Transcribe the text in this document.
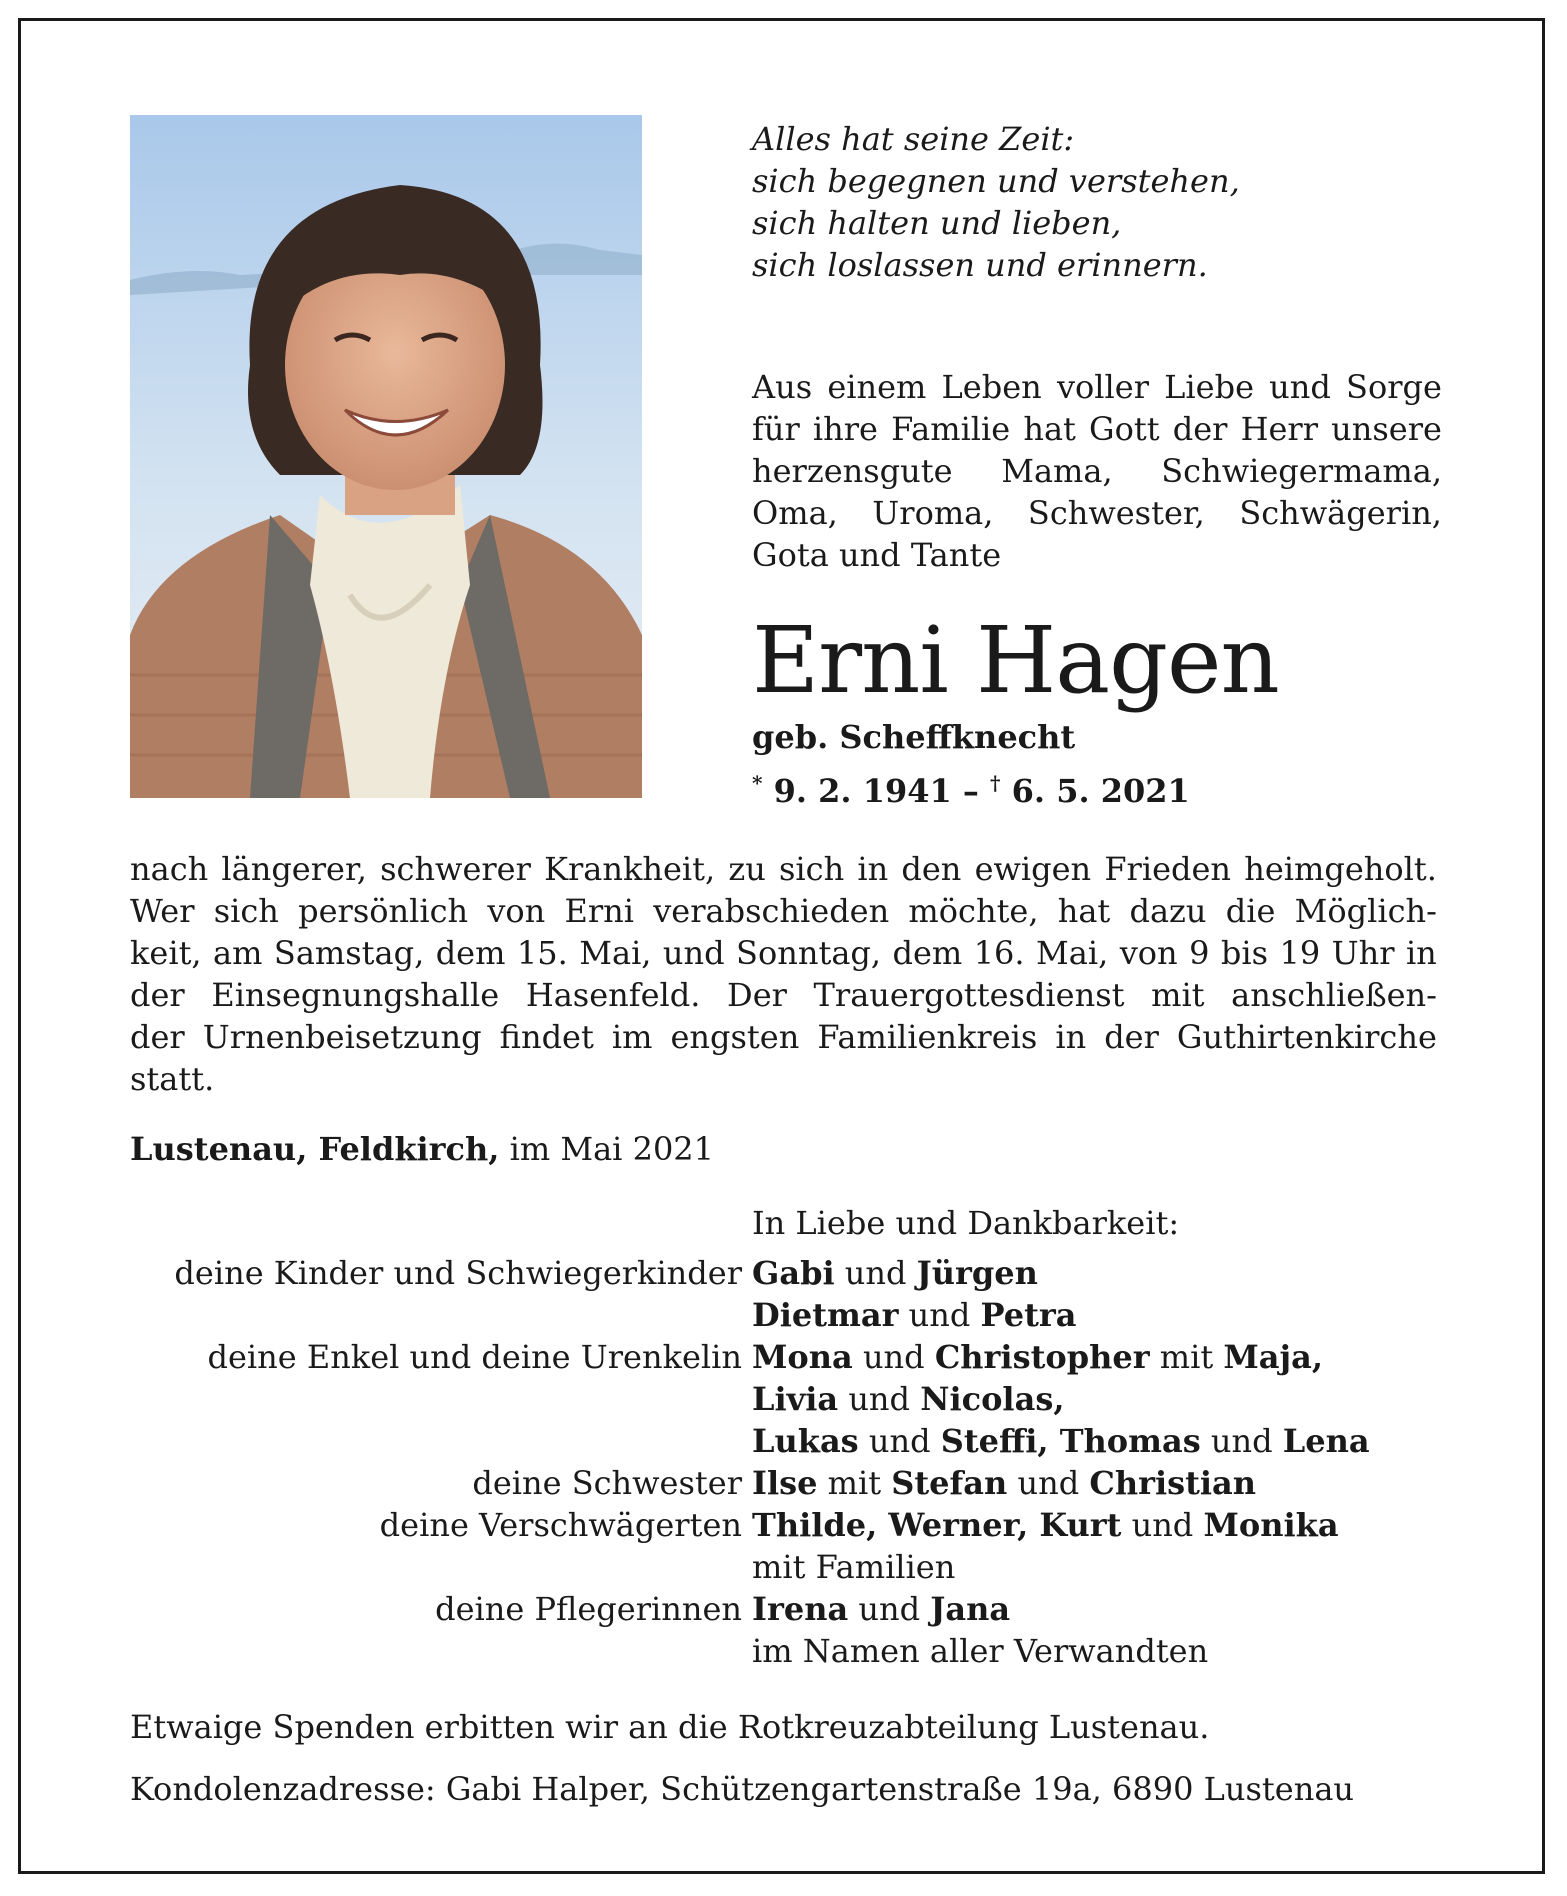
Alles hat seine Zeit:
sich begegnen und verstehen,
sich halten und lieben,
sich loslassen und erinnern.
Aus einem Leben voller Liebe und Sorge
für ihre Familie hat Gott der Herr unsere
herzensgute Mama, Schwiegermama,
Oma, Uroma, Schwester, Schwägerin,
Gota und Tante
Erni Hagen
geb. Scheffknecht
* 9. 2. 1941 – † 6. 5. 2021
nach längerer, schwerer Krankheit, zu sich in den ewigen Frieden heimgeholt.
Wer sich persönlich von Erni verabschieden möchte, hat dazu die Möglich-
keit, am Samstag, dem 15. Mai, und Sonntag, dem 16. Mai, von 9 bis 19 Uhr in
der Einsegnungshalle Hasenfeld. Der Trauergottesdienst mit anschließen-
der Urnenbeisetzung findet im engsten Familienkreis in der Guthirtenkirche
statt.
Lustenau, Feldkirch, im Mai 2021
In Liebe und Dankbarkeit:
deine Kinder und Schwiegerkinder Gabi und Jürgen
Dietmar und Petra
deine Enkel und deine Urenkelin Mona und Christopher mit Maja,
Livia und Nicolas,
Lukas und Steffi, Thomas und Lena
deine Schwester Ilse mit Stefan und Christian
deine Verschwägerten Thilde, Werner, Kurt und Monika
mit Familien
deine Pflegerinnen Irena und Jana
im Namen aller Verwandten
Etwaige Spenden erbitten wir an die Rotkreuzabteilung Lustenau.
Kondolenzadresse: Gabi Halper, Schützengartenstraße 19a, 6890 Lustenau
